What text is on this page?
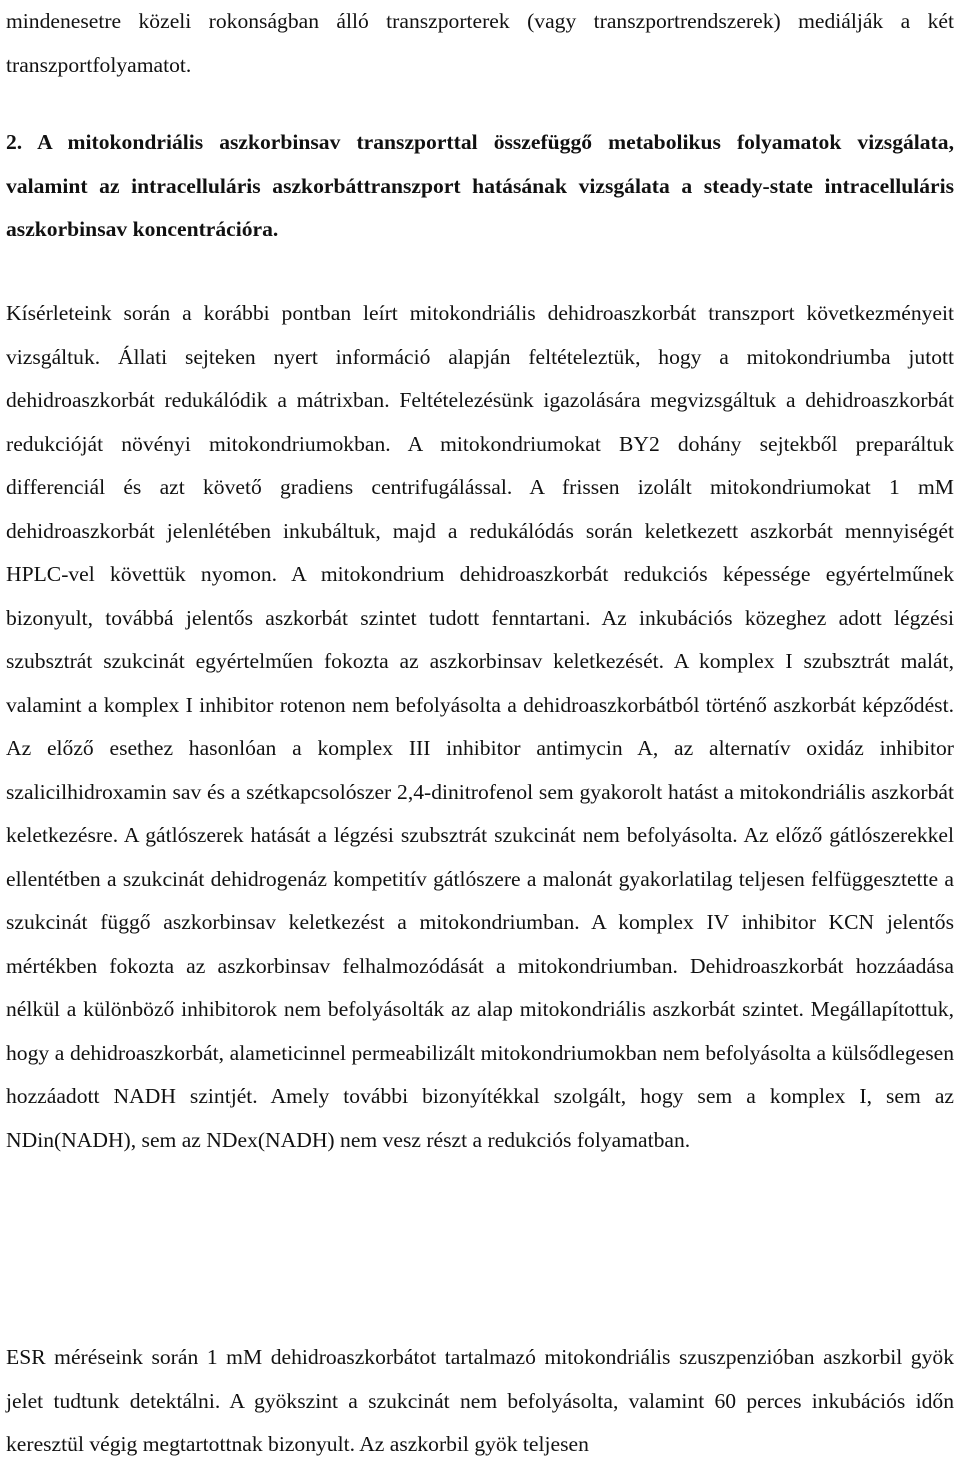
mindenesetre közeli rokonságban álló transzporterek (vagy transzportrendszerek) mediálják a két transzportfolyamatot.

2. A mitokondriális aszkorbinsav transzporttal összefüggő metabolikus folyamatok vizsgálata, valamint az intracelluláris aszkorbáttranszport hatásának vizsgálata a steady-state intracelluláris aszkorbinsav koncentrációra.

Kísérleteink során a korábbi pontban leírt mitokondriális dehidroaszkorbát transzport következményeit vizsgáltuk. Állati sejteken nyert információ alapján feltételeztük, hogy a mitokondriumba jutott dehidroaszkorbát redukálódik a mátrixban. Feltételezésünk igazolására megvizsgáltuk a dehidroaszkorbát redukcióját növényi mitokondriumokban. A mitokondriumokat BY2 dohány sejtekből preparáltuk differenciál és azt követő gradiens centrifugálással. A frissen izolált mitokondriumokat 1 mM dehidroaszkorbát jelenlétében inkubáltuk, majd a redukálódás során keletkezett aszkorbát mennyiségét HPLC-vel követtük nyomon. A mitokondrium dehidroaszkorbát redukciós képessége egyértelműnek bizonyult, továbbá jelentős aszkorbát szintet tudott fenntartani. Az inkubációs közeghez adott légzési szubsztrát szukcinát egyértelműen fokozta az aszkorbinsav keletkezését. A komplex I szubsztrát malát, valamint a komplex I inhibitor rotenon nem befolyásolta a dehidroaszkorbátból történő aszkorbát képződést. Az előző esethez hasonlóan a komplex III inhibitor antimycin A, az alternatív oxidáz inhibitor szalicilhidroxamin sav és a szétkapcsolószer 2,4-dinitrofenol sem gyakorolt hatást a mitokondriális aszkorbát keletkezésre. A gátlószerek hatását a légzési szubsztrát szukcinát nem befolyásolta. Az előző gátlószerekkel ellentétben a szukcinát dehidrogenáz kompetitív gátlószere a malonát gyakorlatilag teljesen felfüggesztette a szukcinát függő aszkorbinsav keletkezést a mitokondriumban. A komplex IV inhibitor KCN jelentős mértékben fokozta az aszkorbinsav felhalmozódását a mitokondriumban. Dehidroaszkorbát hozzáadása nélkül a különböző inhibitorok nem befolyásolták az alap mitokondriális aszkorbát szintet. Megállapítottuk, hogy a dehidroaszkorbát, alameticinnel permeabilizált mitokondriumokban nem befolyásolta a külsődlegesen hozzáadott NADH szintjét. Amely további bizonyítékkal szolgált, hogy sem a komplex I, sem az NDin(NADH), sem az NDex(NADH) nem vesz részt a redukciós folyamatban.

ESR méréseink során 1 mM dehidroaszkorbátot tartalmazó mitokondriális szuszpenzióban aszkorbil gyök jelet tudtunk detektálni. A gyökszint a szukcinát nem befolyásolta, valamint 60 perces inkubációs időn keresztül végig megtartottnak bizonyult. Az aszkorbil gyök teljesen
